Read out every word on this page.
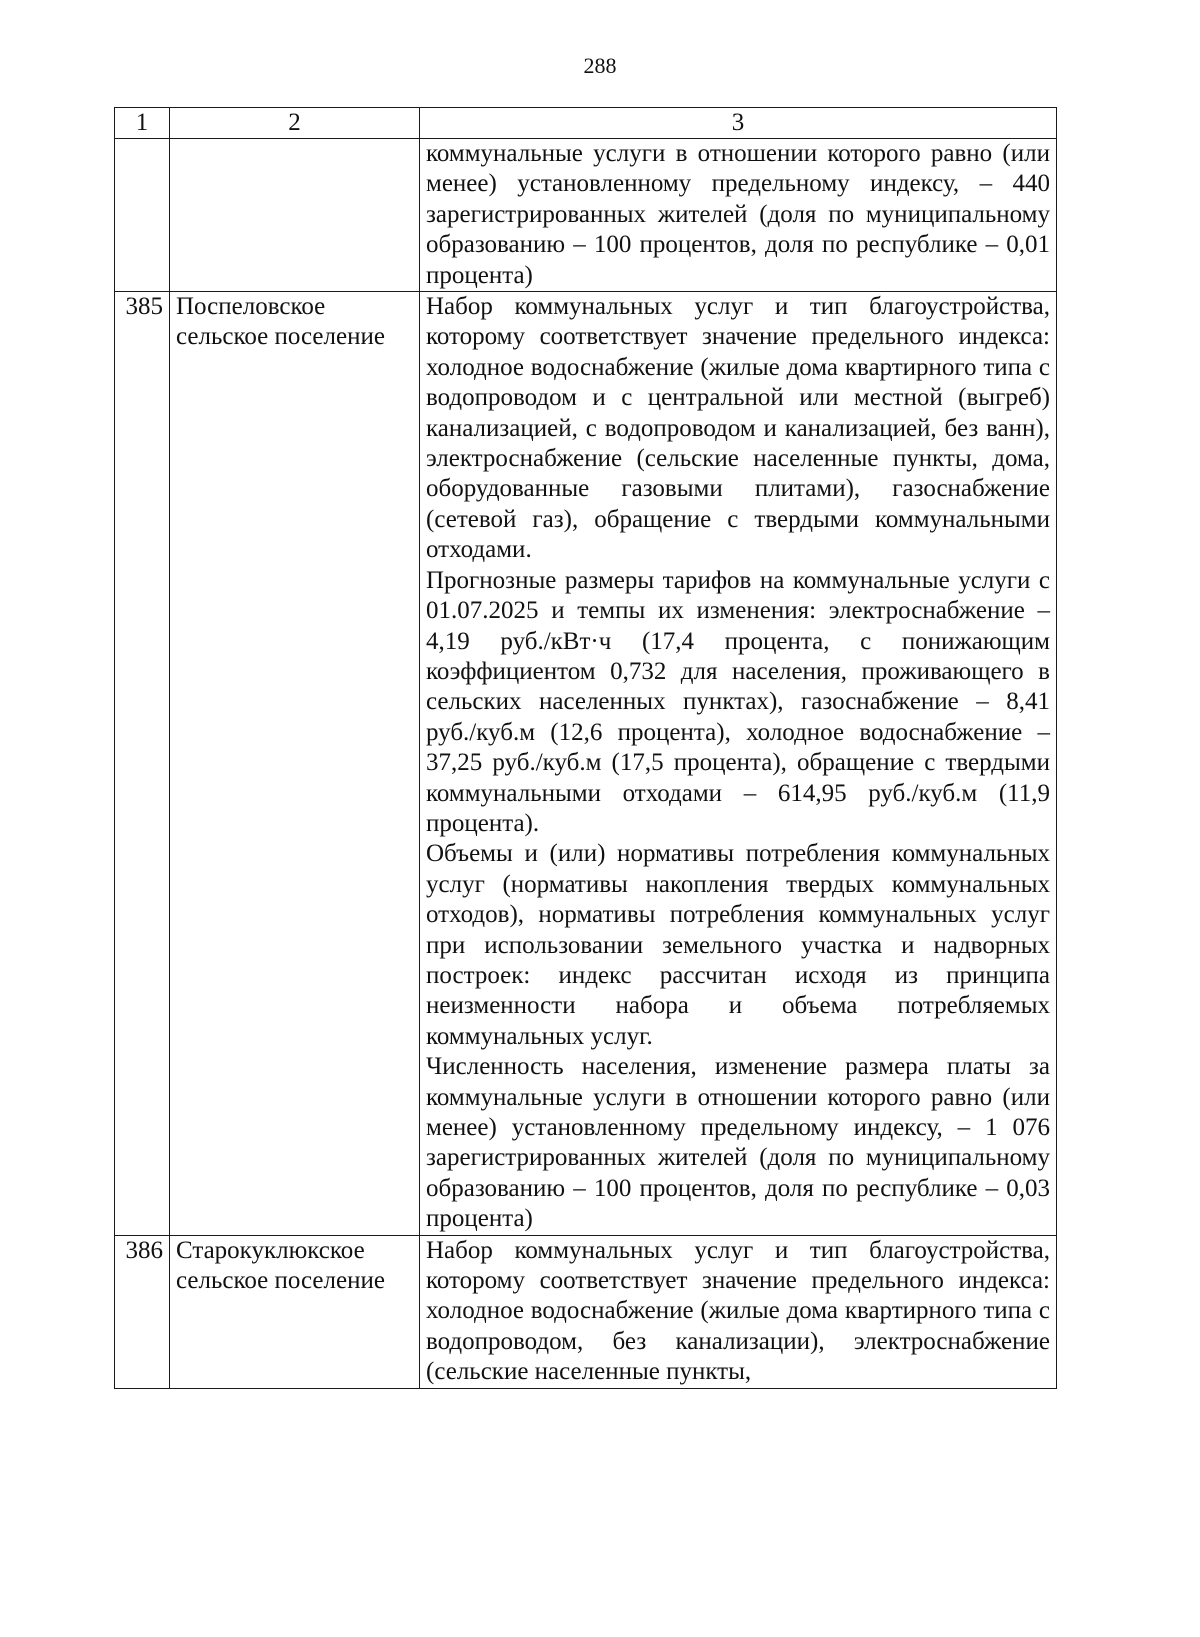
288
1	2	3

		коммунальные услуги в отношении которого равно (или менее) установленному предельному индексу, – 440 зарегистрированных жителей (доля по муниципальному образованию – 100 процентов, доля по республике – 0,01 процента)

385	Поспеловское сельское поселение	Набор коммунальных услуг и тип благоустройства, которому соответствует значение предельного индекса: холодное водоснабжение (жилые дома квартирного типа с водопроводом и с центральной или местной (выгреб) канализацией, с водопроводом и канализацией, без ванн), электроснабжение (сельские населенные пункты, дома, оборудованные газовыми плитами), газоснабжение (сетевой газ), обращение с твердыми коммунальными отходами.
Прогнозные размеры тарифов на коммунальные услуги с 01.07.2025 и темпы их изменения: электроснабжение – 4,19 руб./кВт·ч (17,4 процента, с понижающим коэффициентом 0,732 для населения, проживающего в сельских населенных пунктах), газоснабжение – 8,41 руб./куб.м (12,6 процента), холодное водоснабжение – 37,25 руб./куб.м (17,5 процента), обращение с твердыми коммунальными отходами – 614,95 руб./куб.м (11,9 процента).
Объемы и (или) нормативы потребления коммунальных услуг (нормативы накопления твердых коммунальных отходов), нормативы потребления коммунальных услуг при использовании земельного участка и надворных построек: индекс рассчитан исходя из принципа неизменности набора и объема потребляемых коммунальных услуг.
Численность населения, изменение размера платы за коммунальные услуги в отношении которого равно (или менее) установленному предельному индексу, – 1 076 зарегистрированных жителей (доля по муниципальному образованию – 100 процентов, доля по республике – 0,03 процента)

386	Старокуклюкское сельское поселение	Набор коммунальных услуг и тип благоустройства, которому соответствует значение предельного индекса: холодное водоснабжение (жилые дома квартирного типа с водопроводом, без канализации), электроснабжение (сельские населенные пункты,
